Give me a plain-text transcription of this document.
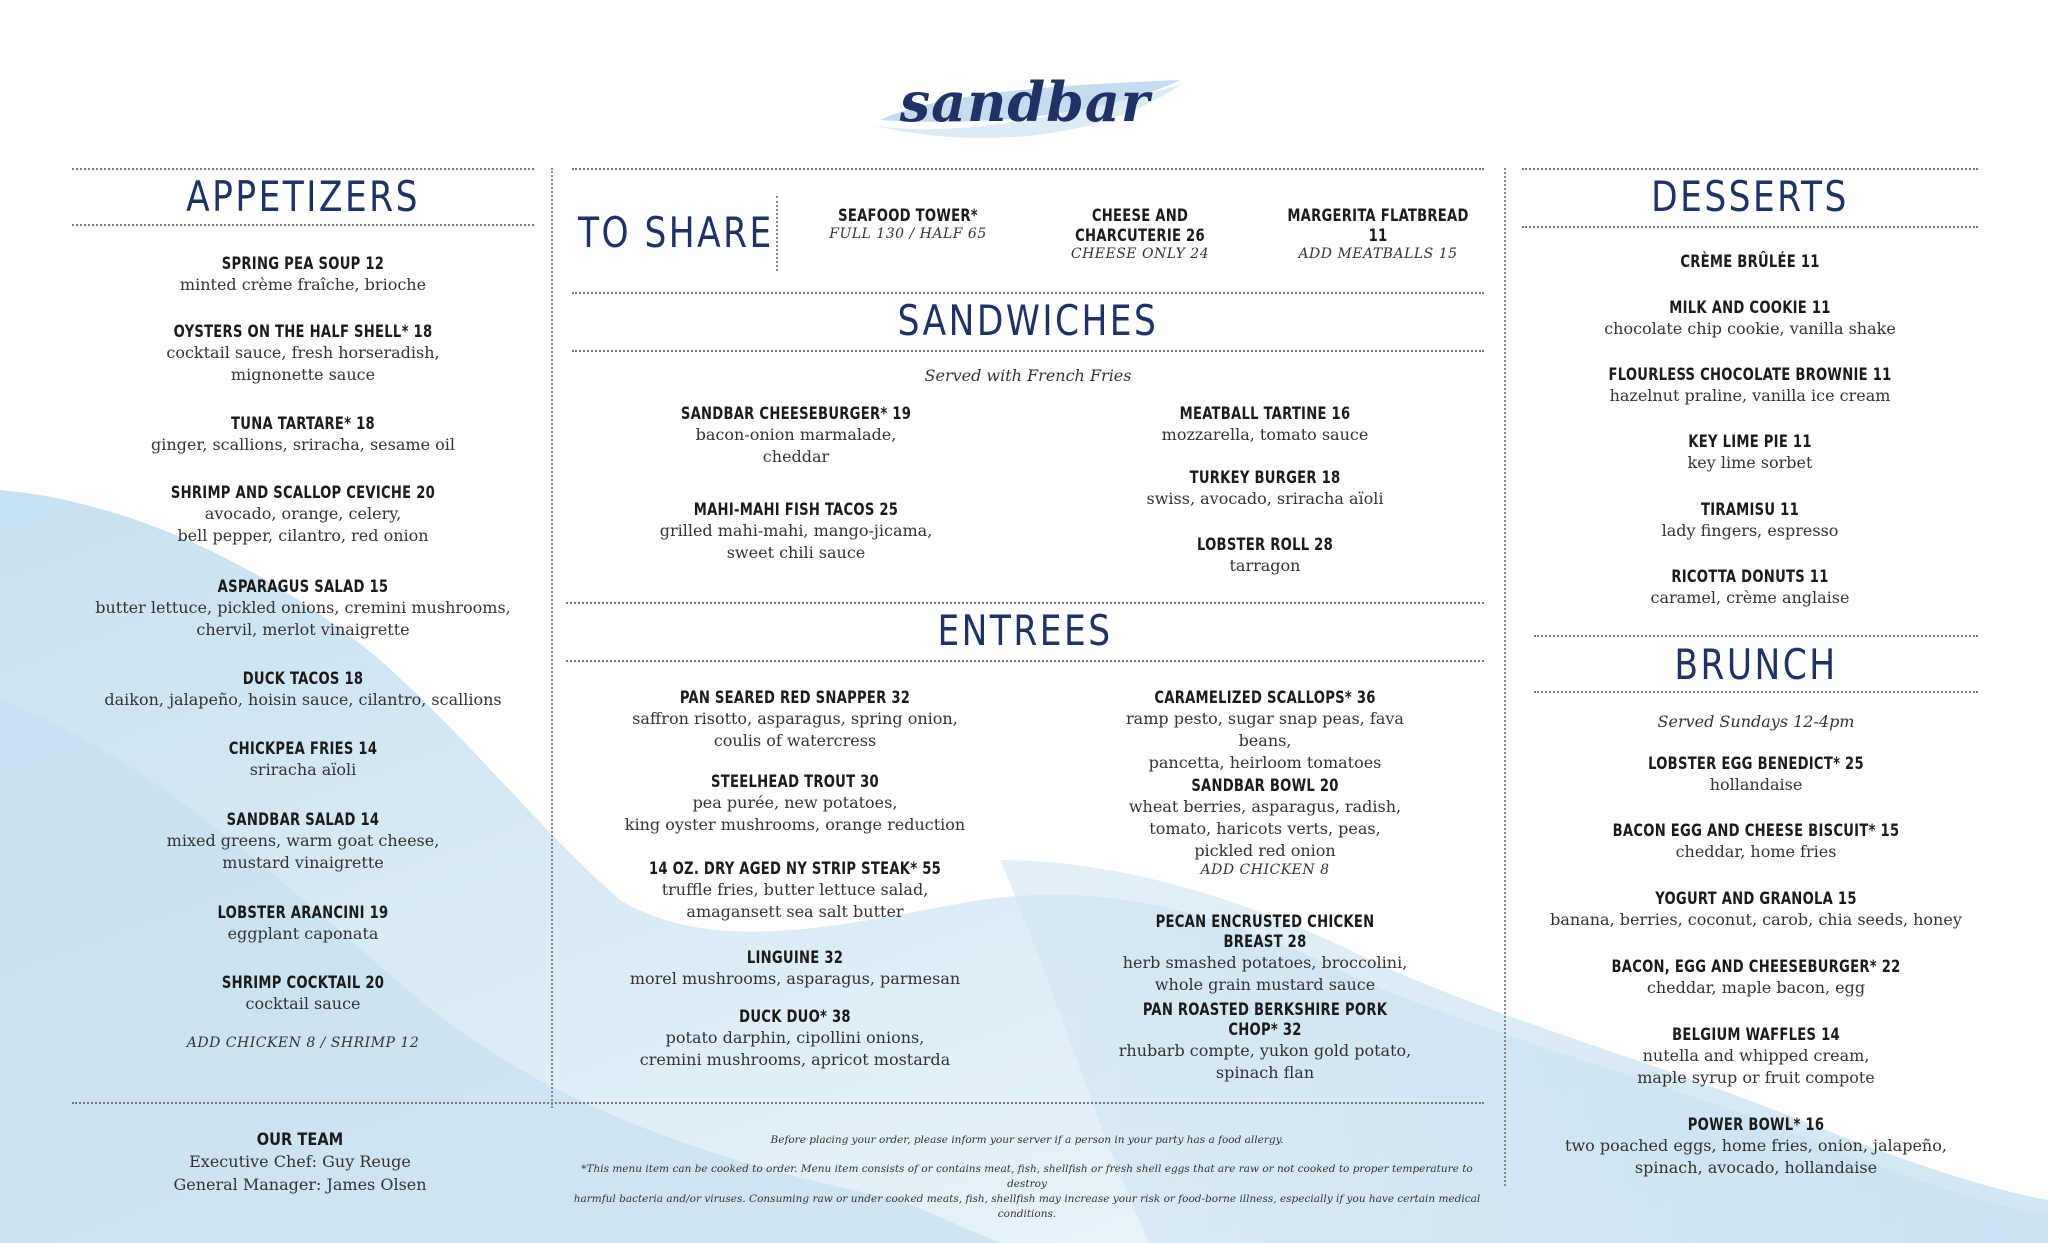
sandbar
APPETIZERS
SPRING PEA SOUP 12
minted crème fraîche, brioche
OYSTERS ON THE HALF SHELL* 18
cocktail sauce, fresh horseradish,
mignonette sauce
TUNA TARTARE* 18
ginger, scallions, sriracha, sesame oil
SHRIMP AND SCALLOP CEVICHE 20
avocado, orange, celery,
bell pepper, cilantro, red onion
ASPARAGUS SALAD 15
butter lettuce, pickled onions, cremini mushrooms,
chervil, merlot vinaigrette
DUCK TACOS 18
daikon, jalapeño, hoisin sauce, cilantro, scallions
CHICKPEA FRIES 14
sriracha aïoli
SANDBAR SALAD 14
mixed greens, warm goat cheese,
mustard vinaigrette
LOBSTER ARANCINI 19
eggplant caponata
SHRIMP COCKTAIL 20
cocktail sauce
ADD CHICKEN 8 / SHRIMP 12
TO SHARE	SEAFOOD TOWER*
FULL 130 / HALF 65
CHEESE AND CHARCUTERIE 26
CHEESE ONLY 24
MARGERITA FLATBREAD 11
ADD MEATBALLS 15
SANDWICHES
Served with French Fries
SANDBAR CHEESEBURGER* 19
bacon-onion marmalade,
cheddar
MAHI-MAHI FISH TACOS 25
grilled mahi-mahi, mango-jicama,
sweet chili sauce
MEATBALL TARTINE 16
mozzarella, tomato sauce
TURKEY BURGER 18
swiss, avocado, sriracha aïoli
LOBSTER ROLL 28
tarragon
ENTREES
PAN SEARED RED SNAPPER 32
saffron risotto, asparagus, spring onion,
coulis of watercress
STEELHEAD TROUT 30
pea purée, new potatoes,
king oyster mushrooms, orange reduction
14 OZ. DRY AGED NY STRIP STEAK* 55
truffle fries, butter lettuce salad,
amagansett sea salt butter
LINGUINE 32
morel mushrooms, asparagus, parmesan
DUCK DUO* 38
potato darphin, cipollini onions,
cremini mushrooms, apricot mostarda
CARAMELIZED SCALLOPS* 36
ramp pesto, sugar snap peas, fava beans,
pancetta, heirloom tomatoes
SANDBAR BOWL 20
wheat berries, asparagus, radish,
tomato, haricots verts, peas,
pickled red onion
ADD CHICKEN 8
PECAN ENCRUSTED CHICKEN BREAST 28
herb smashed potatoes, broccolini,
whole grain mustard sauce
PAN ROASTED BERKSHIRE PORK CHOP* 32
rhubarb compte, yukon gold potato,
spinach flan
DESSERTS
CRÈME BRÛLÉE 11
MILK AND COOKIE 11
chocolate chip cookie, vanilla shake
FLOURLESS CHOCOLATE BROWNIE 11
hazelnut praline, vanilla ice cream
KEY LIME PIE 11
key lime sorbet
TIRAMISU 11
lady fingers, espresso
RICOTTA DONUTS 11
caramel, crème anglaise
BRUNCH
Served Sundays 12-4pm
LOBSTER EGG BENEDICT* 25
hollandaise
BACON EGG AND CHEESE BISCUIT* 15
cheddar, home fries
YOGURT AND GRANOLA 15
banana, berries, coconut, carob, chia seeds, honey
BACON, EGG AND CHEESEBURGER* 22
cheddar, maple bacon, egg
BELGIUM WAFFLES 14
nutella and whipped cream,
maple syrup or fruit compote
POWER BOWL* 16
two poached eggs, home fries, onion, jalapeño,
spinach, avocado, hollandaise
OUR TEAM
Executive Chef: Guy Reuge
General Manager: James Olsen
Before placing your order, please inform your server if a person in your party has a food allergy.
*This menu item can be cooked to order. Menu item consists of or contains meat, fish, shellfish or fresh shell eggs that are raw or not cooked to proper temperature to destroy
harmful bacteria and/or viruses. Consuming raw or under cooked meats, fish, shellfish may increase your risk or food-borne illness, especially if you have certain medical conditions.
